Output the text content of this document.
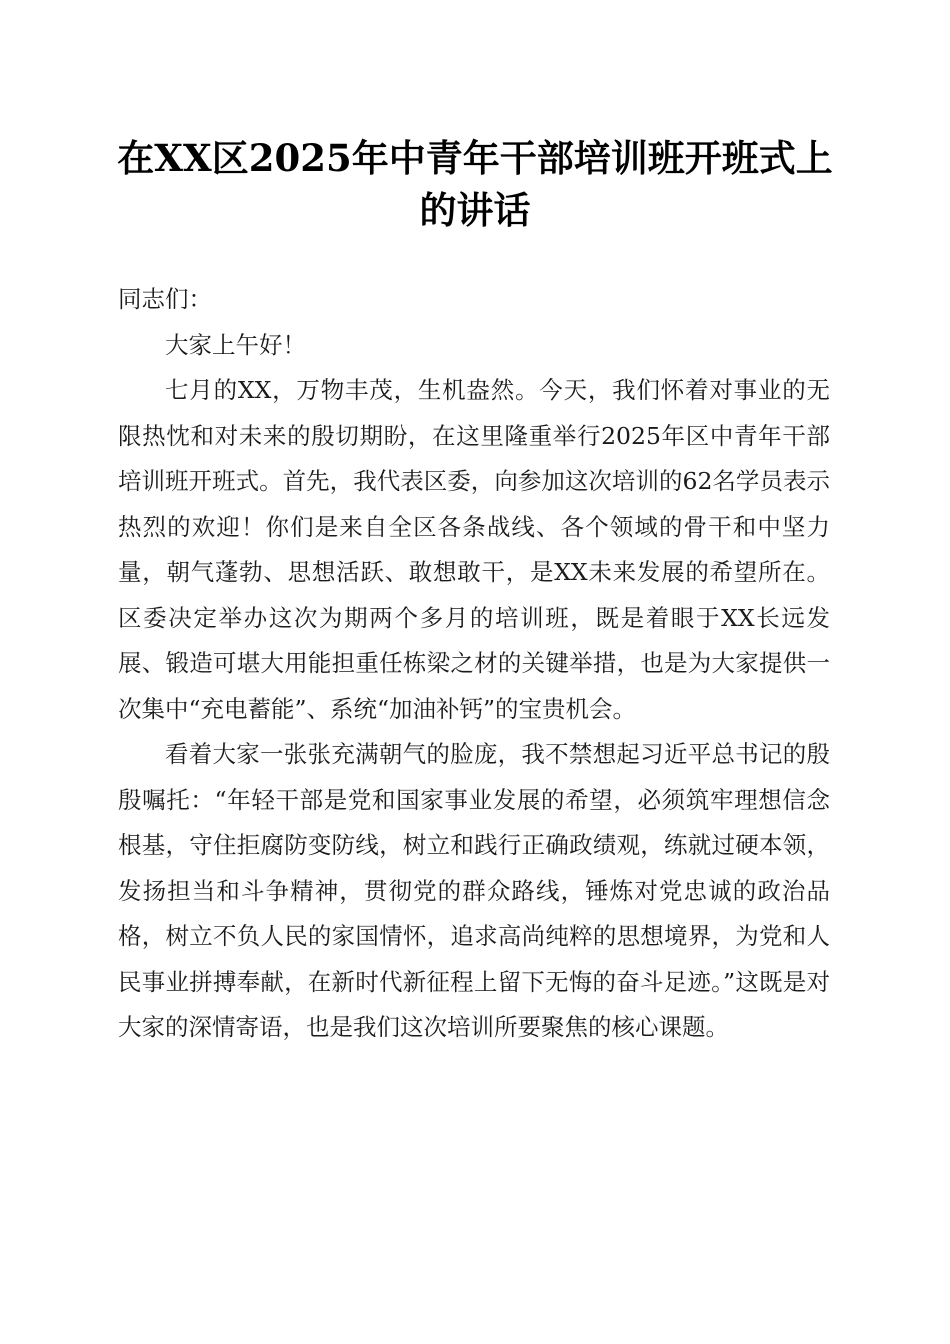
在XX区2025年中青年干部培训班开班式上的讲话

同志们：

大家上午好！

七月的XX，万物丰茂，生机盎然。今天，我们怀着对事业的无限热忱和对未来的殷切期盼，在这里隆重举行2025年区中青年干部培训班开班式。首先，我代表区委，向参加这次培训的62名学员表示热烈的欢迎！你们是来自全区各条战线、各个领域的骨干和中坚力量，朝气蓬勃、思想活跃、敢想敢干，是XX未来发展的希望所在。区委决定举办这次为期两个多月的培训班，既是着眼于XX长远发展、锻造可堪大用能担重任栋梁之材的关键举措，也是为大家提供一次集中“充电蓄能”、系统“加油补钙”的宝贵机会。

看着大家一张张充满朝气的脸庞，我不禁想起习近平总书记的殷殷嘱托：“年轻干部是党和国家事业发展的希望，必须筑牢理想信念根基，守住拒腐防变防线，树立和践行正确政绩观，练就过硬本领，发扬担当和斗争精神，贯彻党的群众路线，锤炼对党忠诚的政治品格，树立不负人民的家国情怀，追求高尚纯粹的思想境界，为党和人民事业拼搏奉献，在新时代新征程上留下无悔的奋斗足迹。”这既是对大家的深情寄语，也是我们这次培训所要聚焦的核心课题。
